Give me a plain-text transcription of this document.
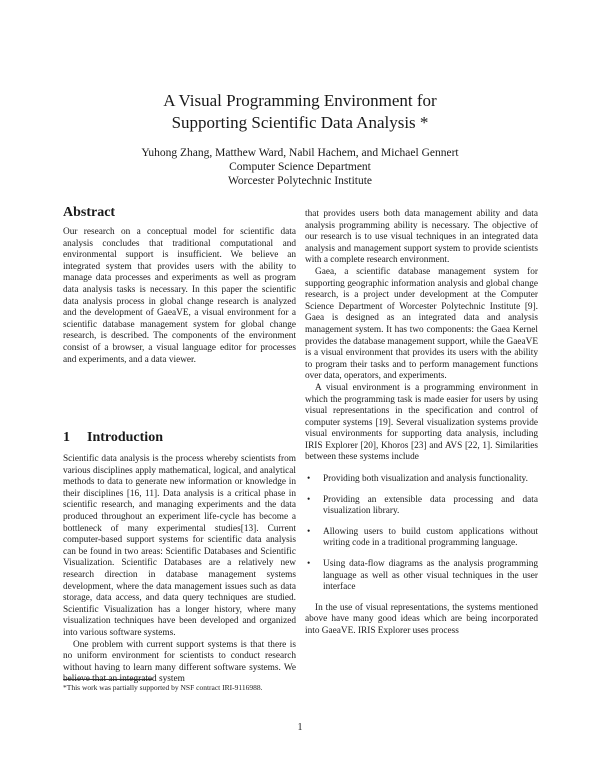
A Visual Programming Environment for
Supporting Scientific Data Analysis *
Yuhong Zhang, Matthew Ward, Nabil Hachem, and Michael Gennert
Computer Science Department
Worcester Polytechnic Institute
Abstract

Our research on a conceptual model for scientific data analysis concludes that traditional computational and environmental support is insufficient. We believe an integrated system that provides users with the ability to manage data processes and experiments as well as program data analysis tasks is necessary. In this paper the scientific data analysis process in global change research is analyzed and the development of GaeaVE, a visual environment for a scientific database management system for global change research, is described. The components of the environment consist of a browser, a visual language editor for processes and experiments, and a data viewer.

1 Introduction

Scientific data analysis is the process whereby scientists from various disciplines apply mathematical, logical, and analytical methods to data to generate new information or knowledge in their disciplines [16, 11]. Data analysis is a critical phase in scientific research, and managing experiments and the data produced throughout an experiment life-cycle has become a bottleneck of many experimental studies[13]. Current computer-based support systems for scientific data analysis can be found in two areas: Scientific Databases and Scientific Visualization. Scientific Databases are a relatively new research direction in database management systems development, where the data management issues such as data storage, data access, and data query techniques are studied. Scientific Visualization has a longer history, where many visualization techniques have been developed and organized into various software systems.

One problem with current support systems is that there is no uniform environment for scientists to conduct research without having to learn many different software systems. We believe that an integrated system

*This work was partially supported by NSF contract IRI-9116988.

that provides users both data management ability and data analysis programming ability is necessary. The objective of our research is to use visual techniques in an integrated data analysis and management support system to provide scientists with a complete research environment.

Gaea, a scientific database management system for supporting geographic information analysis and global change research, is a project under development at the Computer Science Department of Worcester Polytechnic Institute [9]. Gaea is designed as an integrated data and analysis management system. It has two components: the Gaea Kernel provides the database management support, while the GaeaVE is a visual environment that provides its users with the ability to program their tasks and to perform management functions over data, operators, and experiments.

A visual environment is a programming environment in which the programming task is made easier for users by using visual representations in the specification and control of computer systems [19]. Several visualization systems provide visual environments for supporting data analysis, including IRIS Explorer [20], Khoros [23] and AVS [22, 1]. Similarities between these systems include

• Providing both visualization and analysis functionality.
• Providing an extensible data processing and data visualization library.
• Allowing users to build custom applications without writing code in a traditional programming language.
• Using data-flow diagrams as the analysis programming language as well as other visual techniques in the user interface

In the use of visual representations, the systems mentioned above have many good ideas which are being incorporated into GaeaVE. IRIS Explorer uses process

1
